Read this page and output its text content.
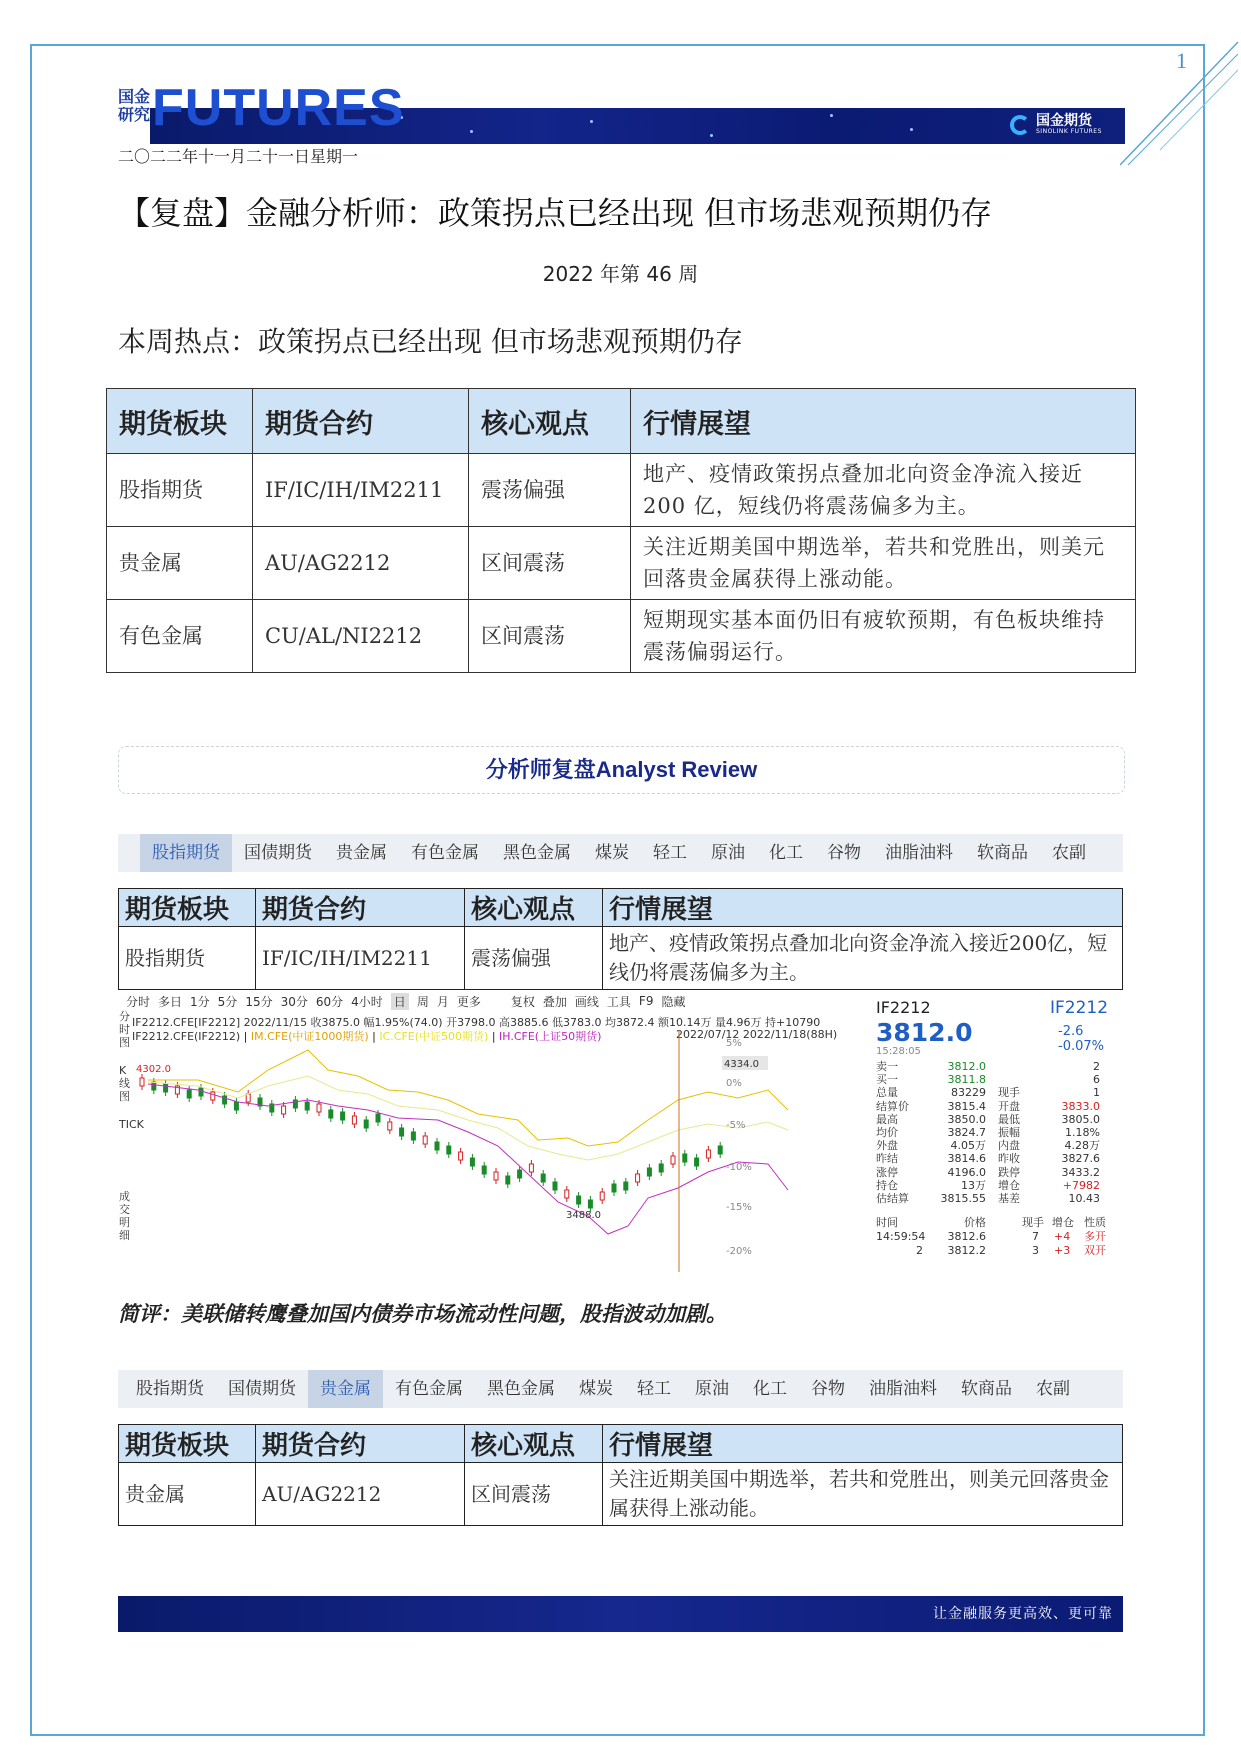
1
国金
研究 FUTURES	国金期货
SINOLINK FUTURES
二〇二二年十一月二十一日星期一
【复盘】金融分析师：政策拐点已经出现 但市场悲观预期仍存
2022 年第 46 周
本周热点：政策拐点已经出现 但市场悲观预期仍存
期货板块	期货合约	核心观点	行情展望
股指期货	IF/IC/IH/IM2211	震荡偏强	地产、疫情政策拐点叠加北向资金净流入接近 200 亿，短线仍将震荡偏多为主。
贵金属	AU/AG2212	区间震荡	关注近期美国中期选举，若共和党胜出，则美元回落贵金属获得上涨动能。
有色金属	CU/AL/NI2212	区间震荡	短期现实基本面仍旧有疲软预期，有色板块维持震荡偏弱运行。
分析师复盘Analyst Review
股指期货	国债期货	贵金属	有色金属	黑色金属	煤炭	轻工	原油	化工	谷物	油脂油料	软商品	农副
期货板块	期货合约	核心观点	行情展望
股指期货	IF/IC/IH/IM2211	震荡偏强	地产、疫情政策拐点叠加北向资金净流入接近200亿，短线仍将震荡偏多为主。
分时 多日 1分 5分 15分 30分 60分 4小时 日 周 月 更多	复权 叠加 画线 工具 F9 隐藏
IF2212.CFE[IF2212] 2022/11/15 收3875.0 幅1.95%(74.0) 开3798.0 高3885.6 低3783.0 均3872.4 额10.14万 量4.96万 持+10790
IF2212.CFE(IF2212) | IM.CFE(中证1000期货) | IC.CFE(中证500期货) | IH.CFE(上证50期货)	2022/07/12 2022/11/18(88H)
分时图
K线图
TICK
成交明细
4302.0
3488.0
4334.0
5%
0%
-5%
-10%
-15%
-20%
IF2212	IF2212
3812.0	-2.6
-0.07%
15:28:05
卖一	3812.0	2
买一	3811.8	6
总量	83229 现手	1
结算价	3815.4 开盘	3833.0
最高	3850.0 最低	3805.0
均价	3824.7 振幅	1.18%
外盘	4.05万 内盘	4.28万
昨结	3814.6 昨收	3827.6
涨停	4196.0 跌停	3433.2
持仓	13万 增仓	+7982
估结算	3815.55 基差	10.43
时间	价格	现手 增仓 性质
14:59:54	3812.6	7 +4 多开
2	3812.2	3 +3 双开
简评：美联储转鹰叠加国内债券市场流动性问题，股指波动加剧。
股指期货	国债期货	贵金属	有色金属	黑色金属	煤炭	轻工	原油	化工	谷物	油脂油料	软商品	农副
期货板块	期货合约	核心观点	行情展望
贵金属	AU/AG2212	区间震荡	关注近期美国中期选举，若共和党胜出，则美元回落贵金属获得上涨动能。
让金融服务更高效、更可靠
